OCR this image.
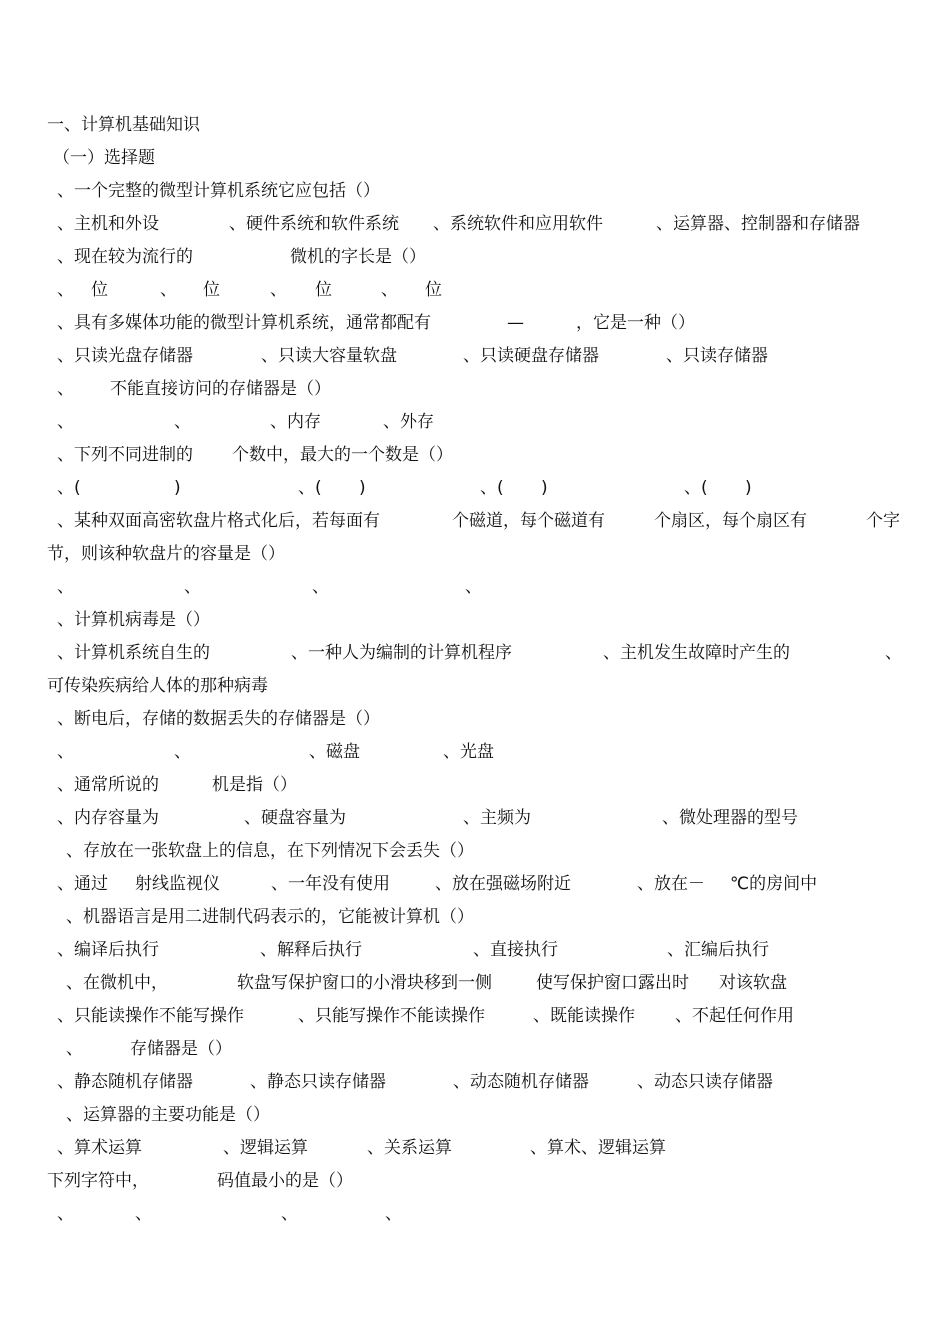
一、计算机基础知识
（一）选择题
、一个完整的微型计算机系统它应包括（）
、主机和外设	、硬件系统和软件系统 、系统软件和应用软件	、运算器、控制器和存储器
、现在较为流行的	微机的字长是（）
、 位	、 位	、 位	、 位
、具有多媒体功能的微型计算机系统，通常都配有	—	，它是一种（）
、只读光盘存储器	、只读大容量软盘	、只读硬盘存储器	、只读存储器
、 不能直接访问的存储器是（）
、	、	、内存	、外存
、下列不同进制的 个数中，最大的一个数是（）
、(	)	、( )	、( )	、( )
、某种双面高密软盘片格式化后，若每面有	个磁道，每个磁道有	个扇区，每个扇区有	个字
节，则该种软盘片的容量是（）
、	、	、	、
、计算机病毒是（）
、计算机系统自生的	、一种人为编制的计算机程序	、主机发生故障时产生的	、
可传染疾病给人体的那种病毒
、断电后，存储的数据丢失的存储器是（）
、	、	、磁盘	、光盘
、通常所说的	机是指（）
、内存容量为	、硬盘容量为	、主频为	、微处理器的型号
、存放在一张软盘上的信息，在下列情况下会丢失（）
、通过 射线监视仪	、一年没有使用	、放在强磁场附近	、放在－ ℃的房间中
、机器语言是用二进制代码表示的，它能被计算机（）
、编译后执行	、解释后执行	、直接执行	、汇编后执行
、在微机中，	软盘写保护窗口的小滑块移到一侧	使写保护窗口露出时 对该软盘
、只能读操作不能写操作	、只能写操作不能读操作	、既能读操作 、不起任何作用
、	存储器是（）
、静态随机存储器	、静态只读存储器	、动态随机存储器	、动态只读存储器
、运算器的主要功能是（）
、算术运算	、逻辑运算	、关系运算	、算术、逻辑运算
下列字符中，	码值最小的是（）
、	、	、	、
